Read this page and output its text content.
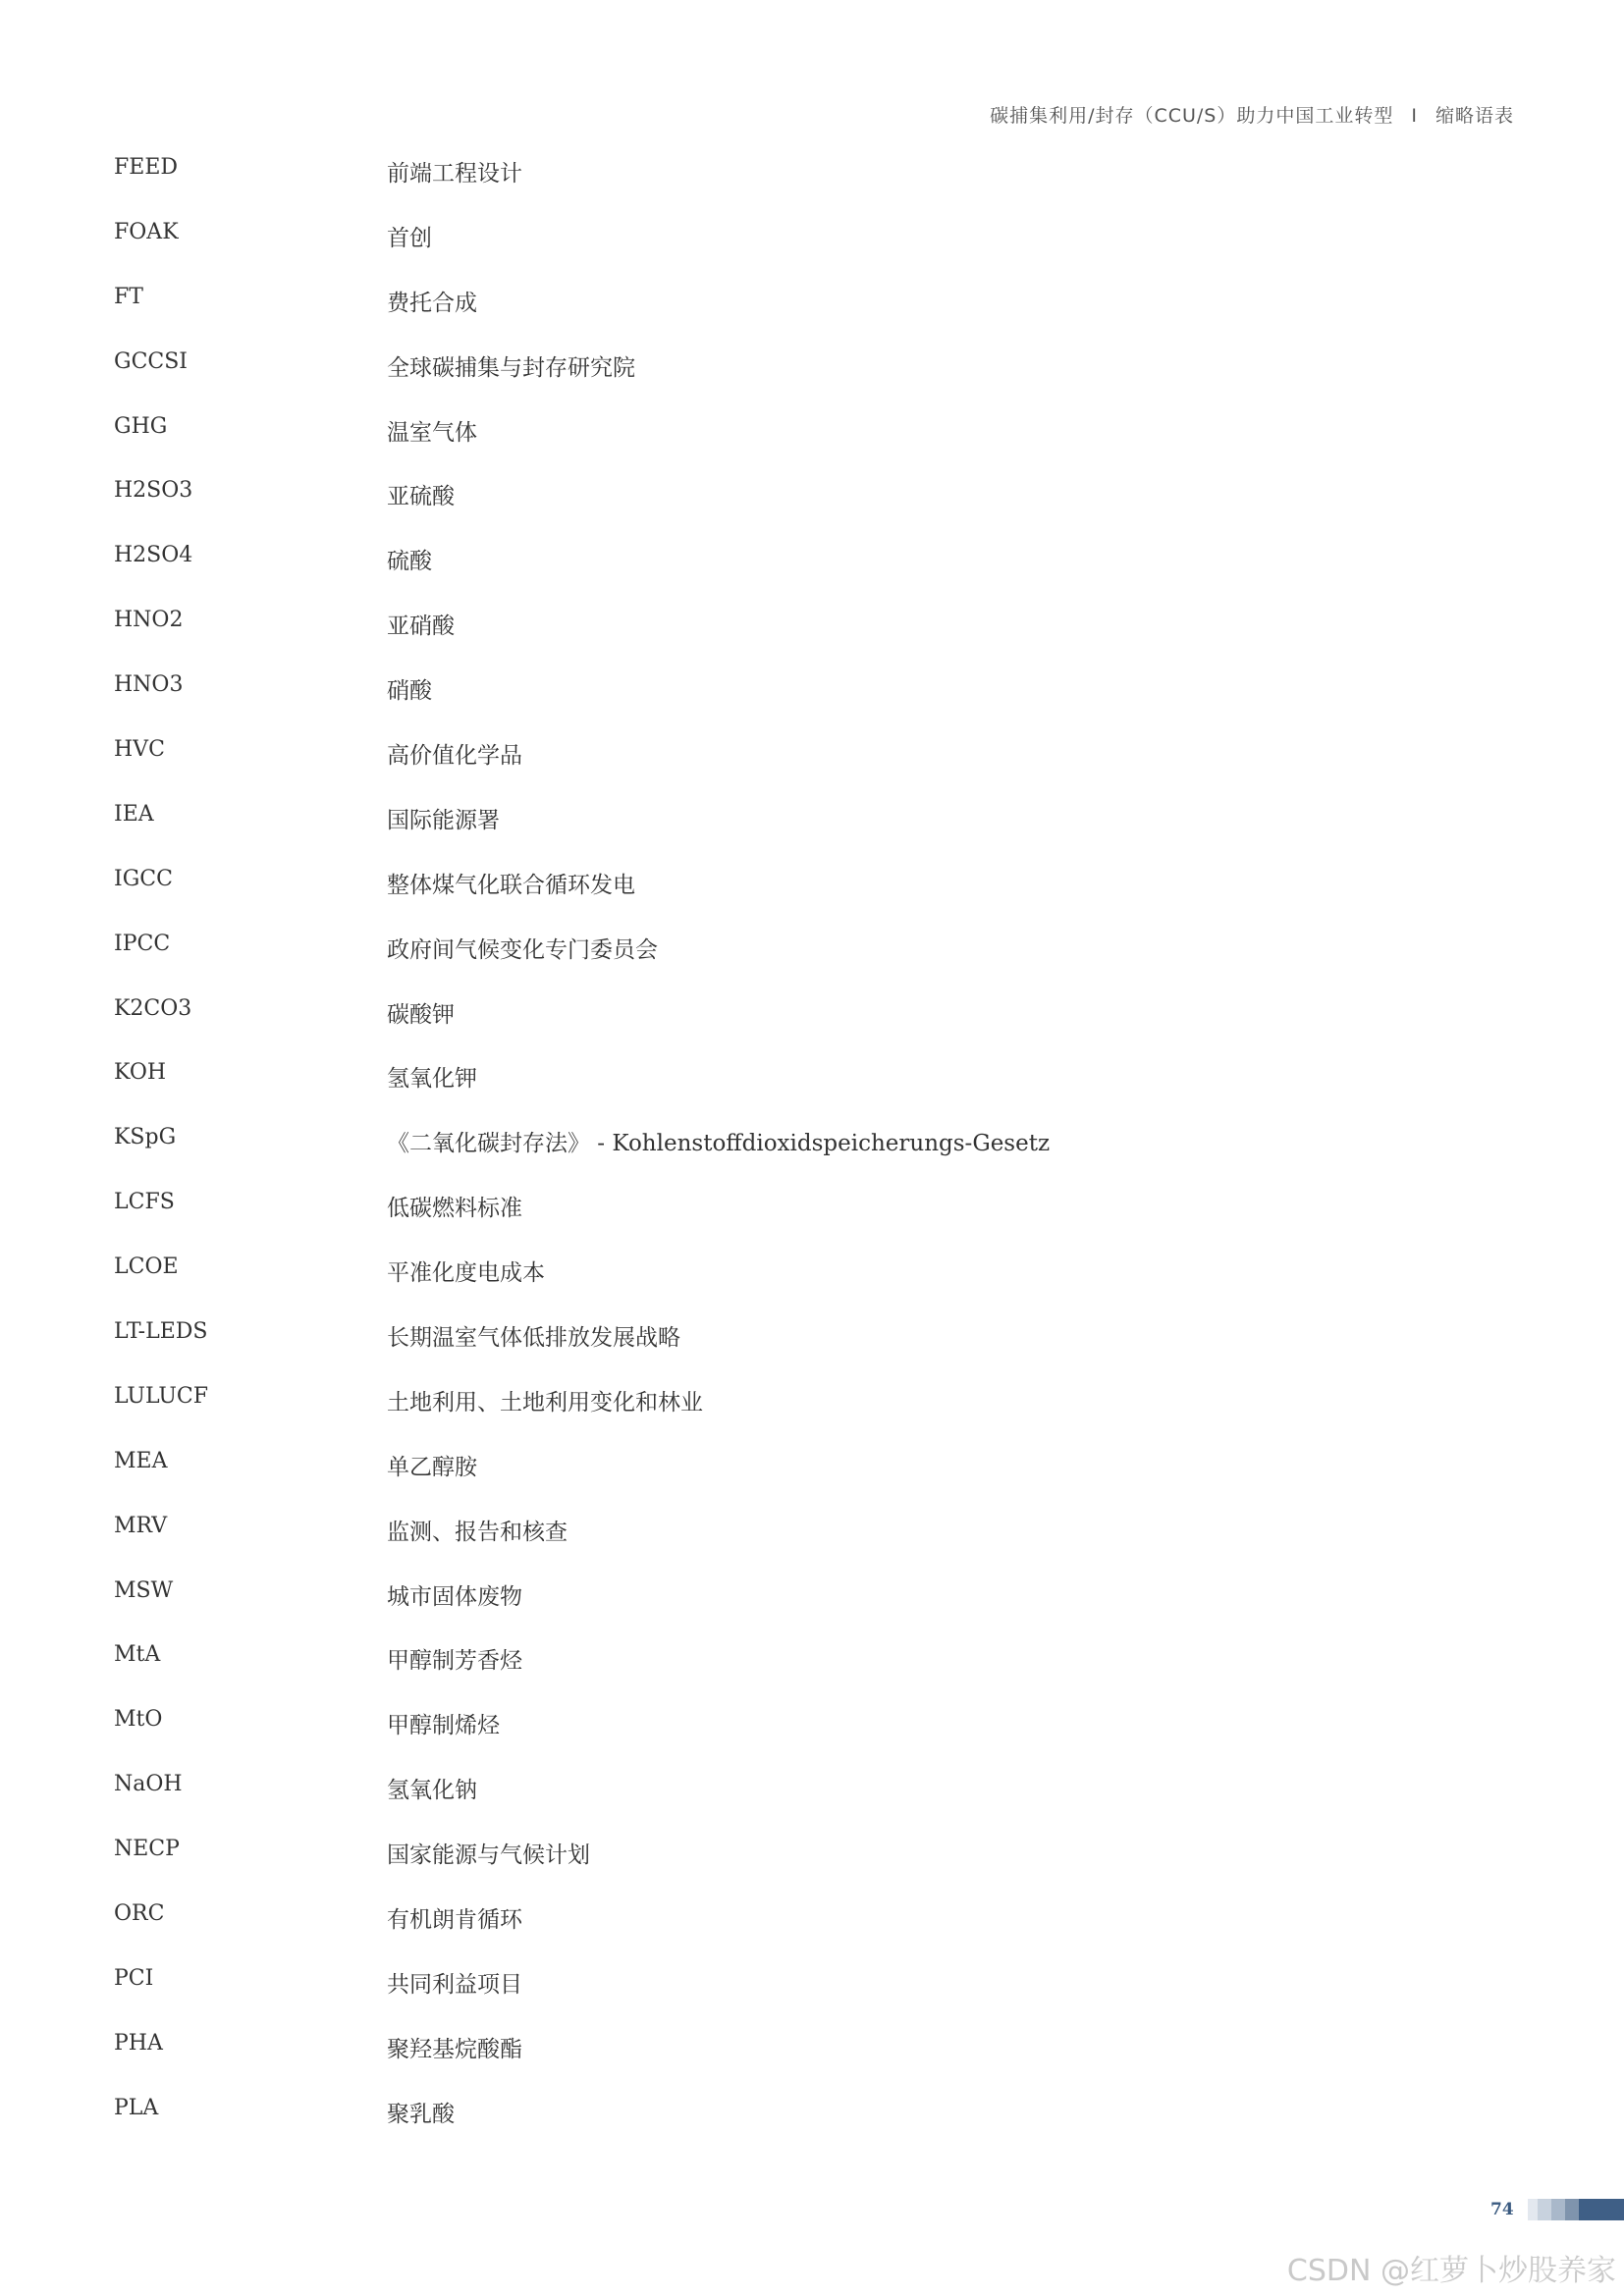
碳捕集利用/封存（CCU/S）助力中国工业转型 I 缩略语表
FEED	前端工程设计
FOAK	首创
FT	费托合成
GCCSI	全球碳捕集与封存研究院
GHG	温室气体
H2SO3	亚硫酸
H2SO4	硫酸
HNO2	亚硝酸
HNO3	硝酸
HVC	高价值化学品
IEA	国际能源署
IGCC	整体煤气化联合循环发电
IPCC	政府间气候变化专门委员会
K2CO3	碳酸钾
KOH	氢氧化钾
KSpG	《二氧化碳封存法》 - Kohlenstoffdioxidspeicherungs-Gesetz
LCFS	低碳燃料标准
LCOE	平准化度电成本
LT-LEDS	长期温室气体低排放发展战略
LULUCF	土地利用、土地利用变化和林业
MEA	单乙醇胺
MRV	监测、报告和核查
MSW	城市固体废物
MtA	甲醇制芳香烃
MtO	甲醇制烯烃
NaOH	氢氧化钠
NECP	国家能源与气候计划
ORC	有机朗肯循环
PCI	共同利益项目
PHA	聚羟基烷酸酯
PLA	聚乳酸
74
CSDN @红萝卜炒股养家
